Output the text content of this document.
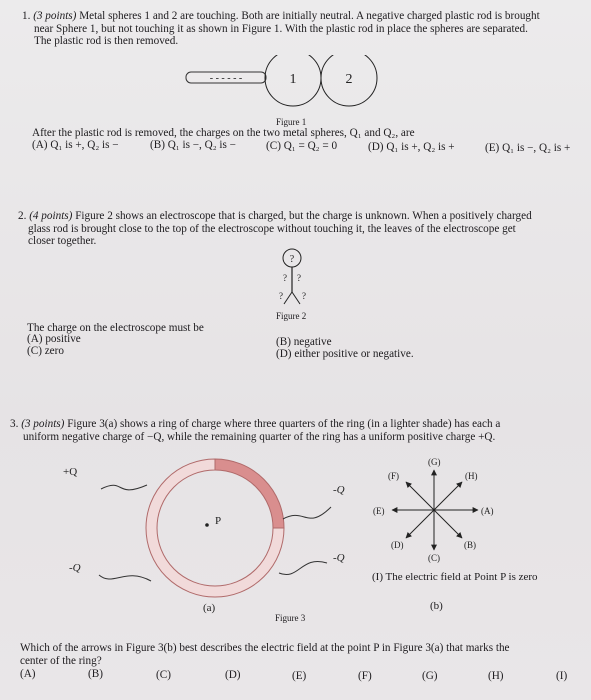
1. (3 points) Metal spheres 1 and 2 are touching. Both are initially neutral. A negative charged plastic rod is brought
near Sphere 1, but not touching it as shown in Figure 1. With the plastic rod in place the spheres are separated.
The plastic rod is then removed.
- - - - - -	1	2
Figure 1
After the plastic rod is removed, the charges on the two metal spheres, Q₁ and Q₂, are
(A) Q₁ is +, Q₂ is −	(B) Q₁ is −, Q₂ is −	(C) Q₁ = Q₂ = 0	(D) Q₁ is +, Q₂ is +	(E) Q₁ is −, Q₂ is +
2. (4 points) Figure 2 shows an electroscope that is charged, but the charge is unknown. When a positively charged
glass rod is brought close to the top of the electroscope without touching it, the leaves of the electroscope get
closer together.
?
? ?
? ?
Figure 2
The charge on the electroscope must be
(A) positive	(B) negative
(C) zero	(D) either positive or negative.
3. (3 points) Figure 3(a) shows a ring of charge where three quarters of the ring (in a lighter shade) has each a
uniform negative charge of −Q, while the remaining quarter of the ring has a uniform positive charge +Q.
P
+Q
-Q
-Q
-Q
(a)
(G)
(H)
(A)
(B)
(C)
(D)
(E)
(F)
(I) The electric field at Point P is zero
(b)
Figure 3
Which of the arrows in Figure 3(b) best describes the electric field at the point P in Figure 3(a) that marks the
center of the ring?
(A)	(B)	(C)	(D)	(E)	(F)	(G)	(H)	(I)
